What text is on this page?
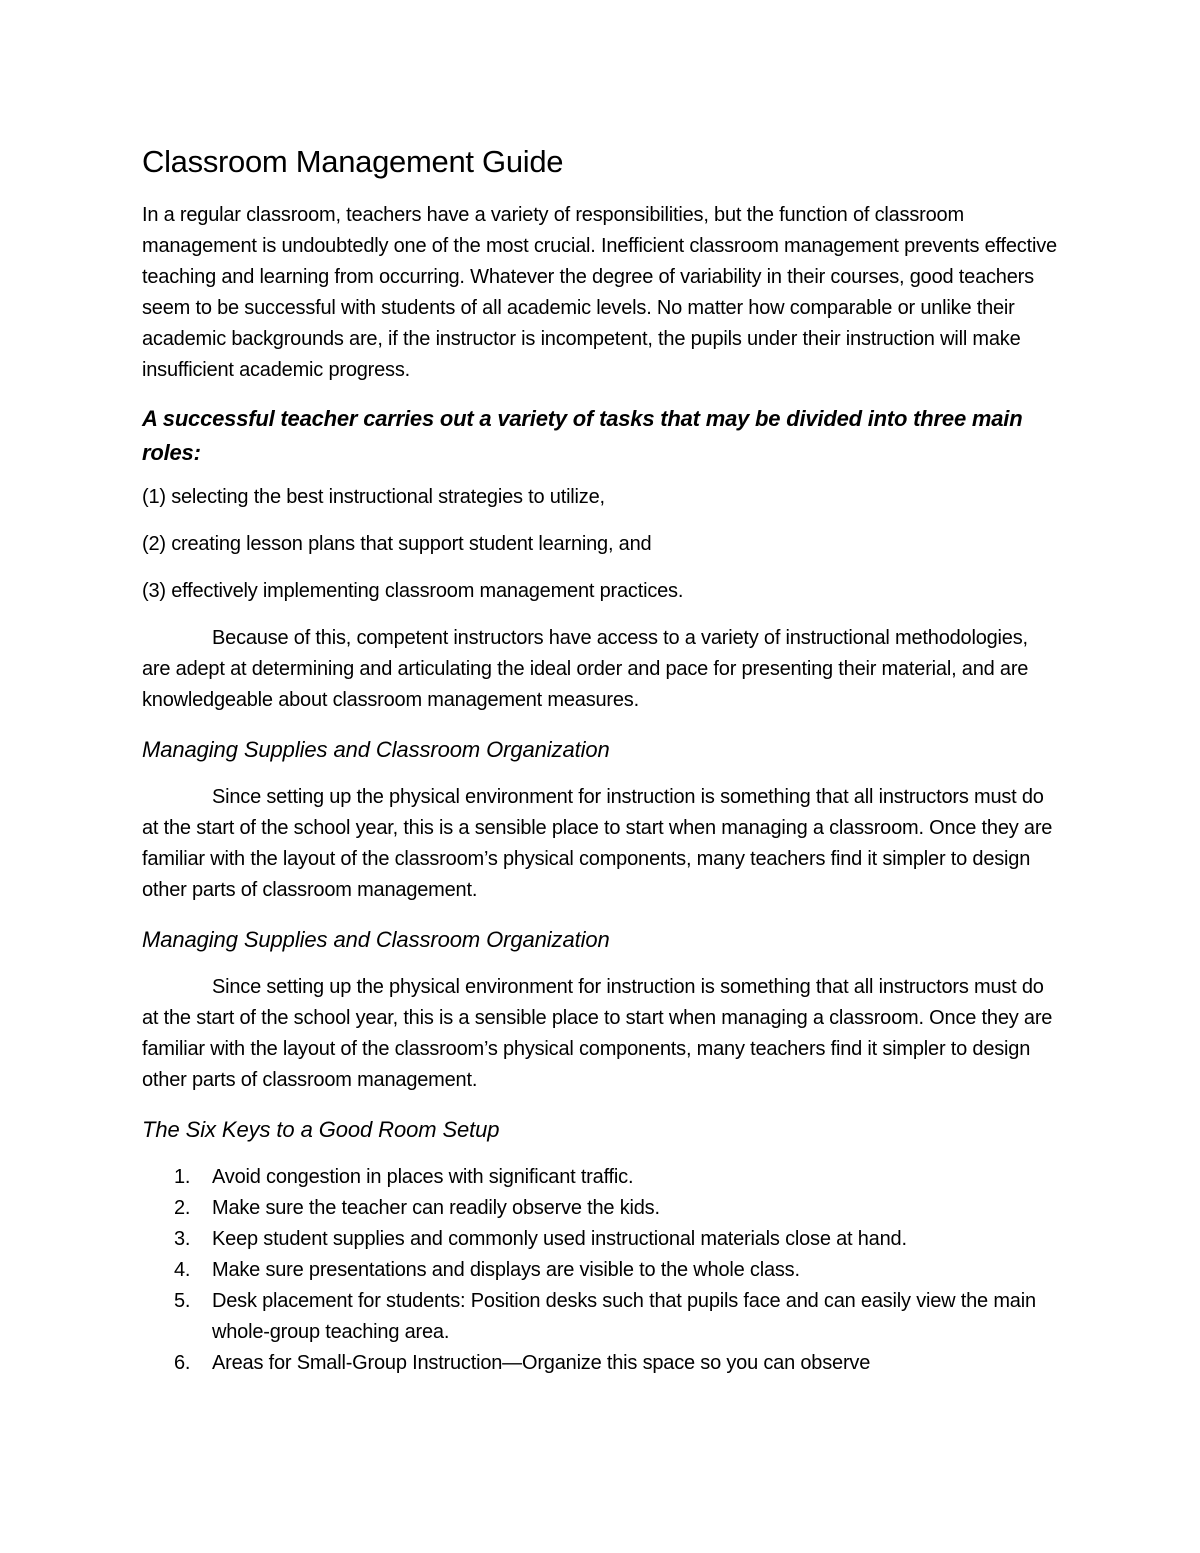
Classroom Management Guide

In a regular classroom, teachers have a variety of responsibilities, but the function of classroom management is undoubtedly one of the most crucial. Inefficient classroom management prevents effective teaching and learning from occurring. Whatever the degree of variability in their courses, good teachers seem to be successful with students of all academic levels. No matter how comparable or unlike their academic backgrounds are, if the instructor is incompetent, the pupils under their instruction will make insufficient academic progress.

A successful teacher carries out a variety of tasks that may be divided into three main roles:

(1) selecting the best instructional strategies to utilize,

(2) creating lesson plans that support student learning, and

(3) effectively implementing classroom management practices.

Because of this, competent instructors have access to a variety of instructional methodologies, are adept at determining and articulating the ideal order and pace for presenting their material, and are knowledgeable about classroom management measures.

Managing Supplies and Classroom Organization

Since setting up the physical environment for instruction is something that all instructors must do at the start of the school year, this is a sensible place to start when managing a classroom. Once they are familiar with the layout of the classroom’s physical components, many teachers find it simpler to design other parts of classroom management.

Managing Supplies and Classroom Organization

Since setting up the physical environment for instruction is something that all instructors must do at the start of the school year, this is a sensible place to start when managing a classroom. Once they are familiar with the layout of the classroom’s physical components, many teachers find it simpler to design other parts of classroom management.

The Six Keys to a Good Room Setup
1. Avoid congestion in places with significant traffic.
2. Make sure the teacher can readily observe the kids.
3. Keep student supplies and commonly used instructional materials close at hand.
4. Make sure presentations and displays are visible to the whole class.
5. Desk placement for students: Position desks such that pupils face and can easily view the main whole-group teaching area.
6. Areas for Small-Group Instruction—Organize this space so you can observe
